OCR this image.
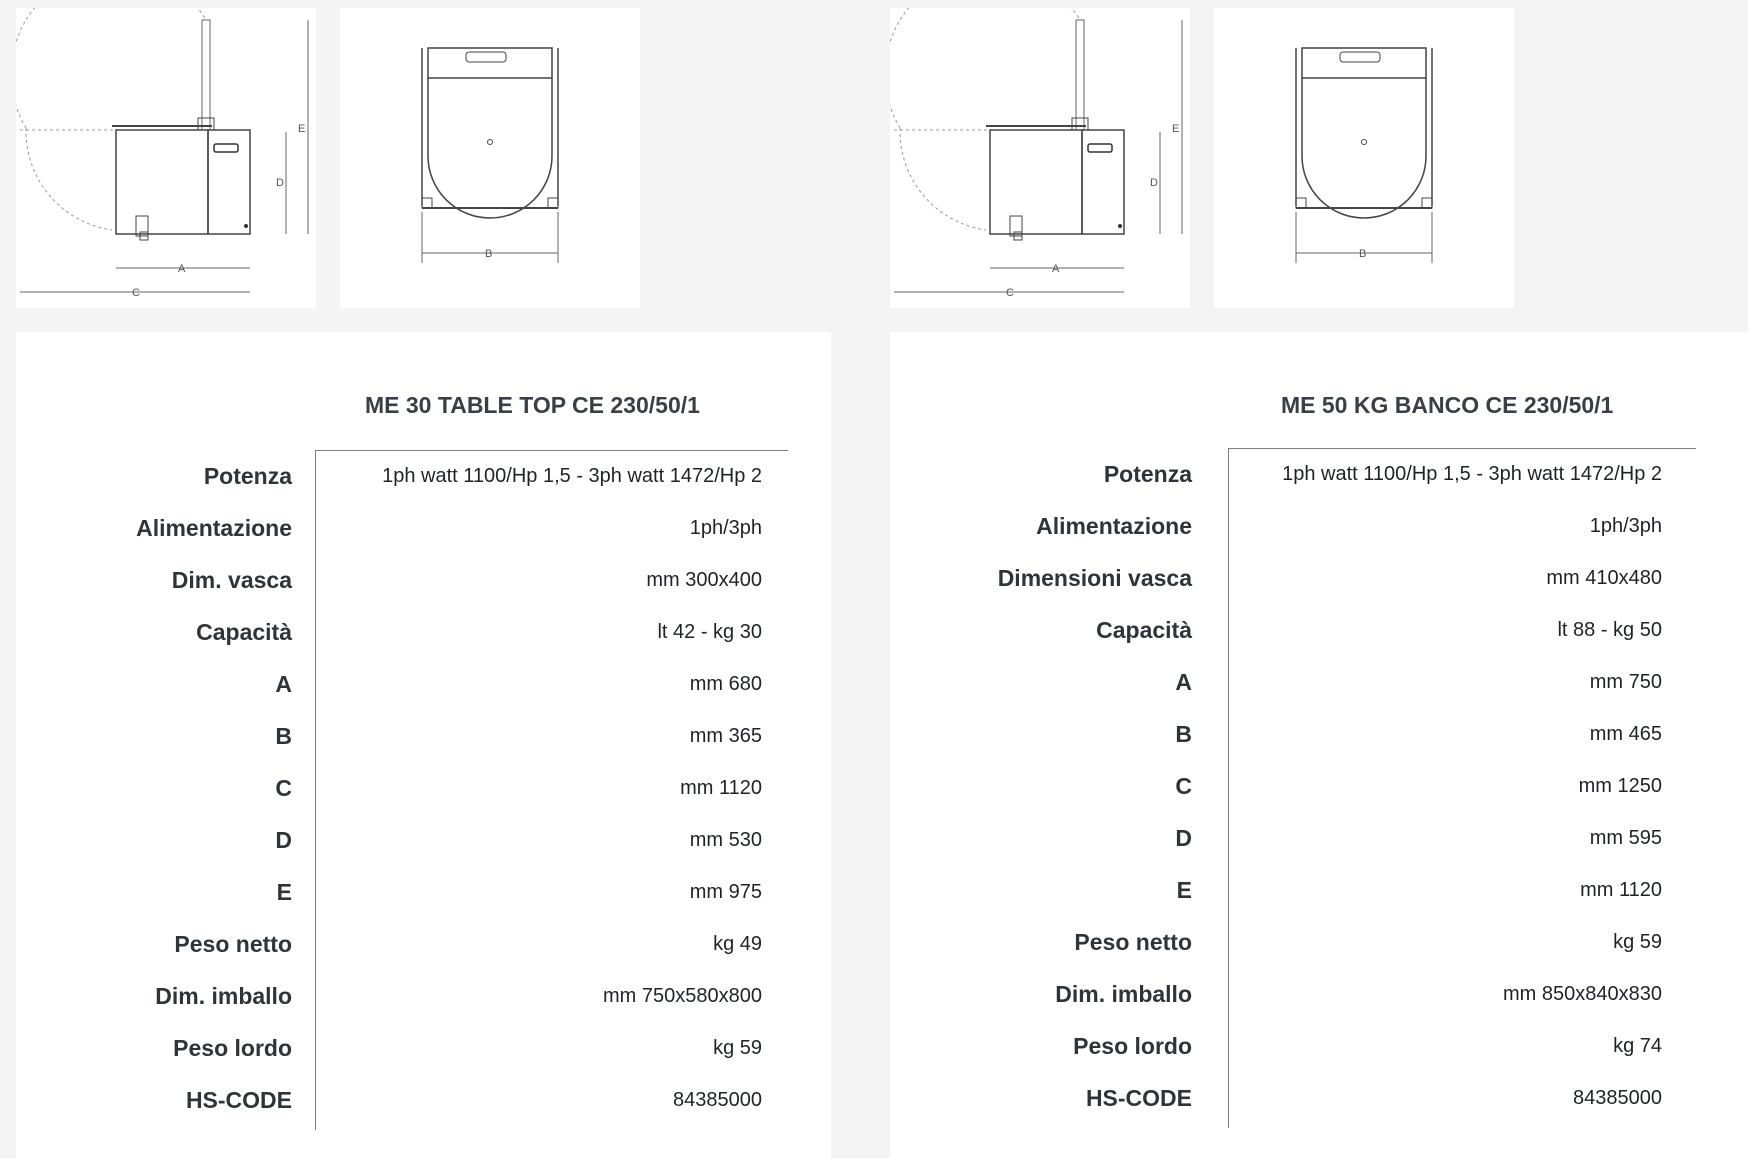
A
C
D
E
B
A
C
D
E
B
ME 30 TABLE TOP CE 230/50/1
Potenza	1ph watt 1100/Hp 1,5 - 3ph watt 1472/Hp 2
Alimentazione	1ph/3ph
Dim. vasca	mm 300x400
Capacità	lt 42 - kg 30
A	mm 680
B	mm 365
C	mm 1120
D	mm 530
E	mm 975
Peso netto	kg 49
Dim. imballo	mm 750x580x800
Peso lordo	kg 59
HS-CODE	84385000
ME 50 KG BANCO CE 230/50/1
Potenza	1ph watt 1100/Hp 1,5 - 3ph watt 1472/Hp 2
Alimentazione	1ph/3ph
Dimensioni vasca	mm 410x480
Capacità	lt 88 - kg 50
A	mm 750
B	mm 465
C	mm 1250
D	mm 595
E	mm 1120
Peso netto	kg 59
Dim. imballo	mm 850x840x830
Peso lordo	kg 74
HS-CODE	84385000
